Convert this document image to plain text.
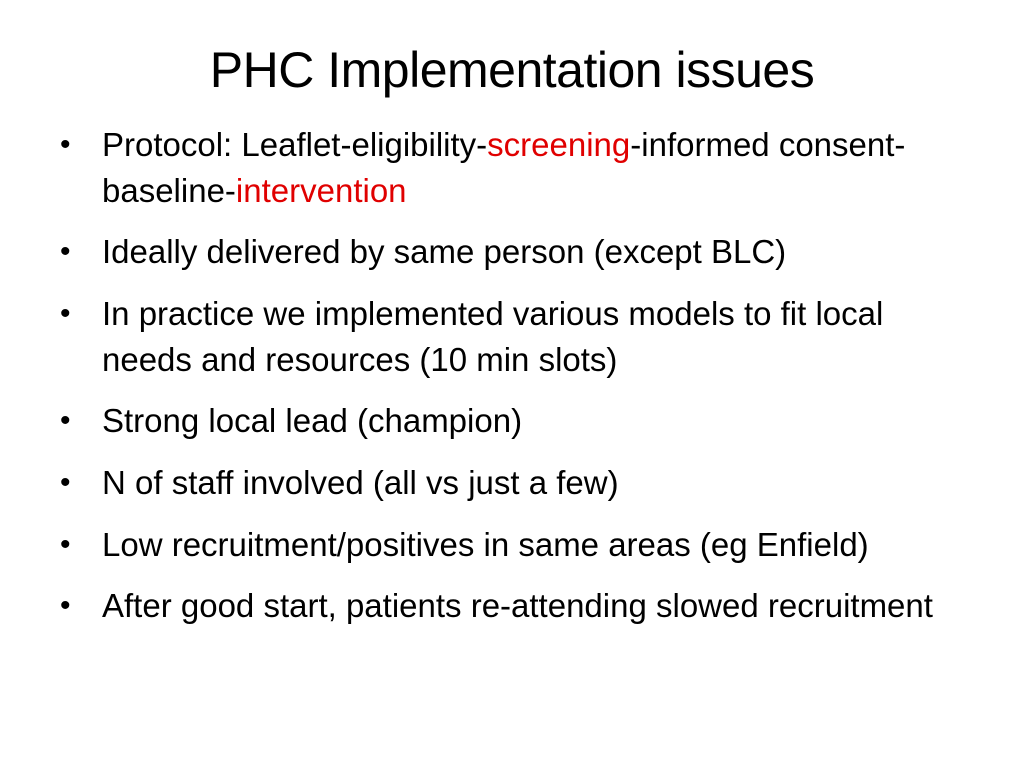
PHC Implementation issues
• Protocol: Leaflet-eligibility-screening-informed consent-baseline-intervention
• Ideally delivered by same person (except BLC)
• In practice we implemented various models to fit local needs and resources (10 min slots)
• Strong local lead (champion)
• N of staff involved (all vs just a few)
• Low recruitment/positives in same areas (eg Enfield)
• After good start, patients re-attending slowed recruitment
